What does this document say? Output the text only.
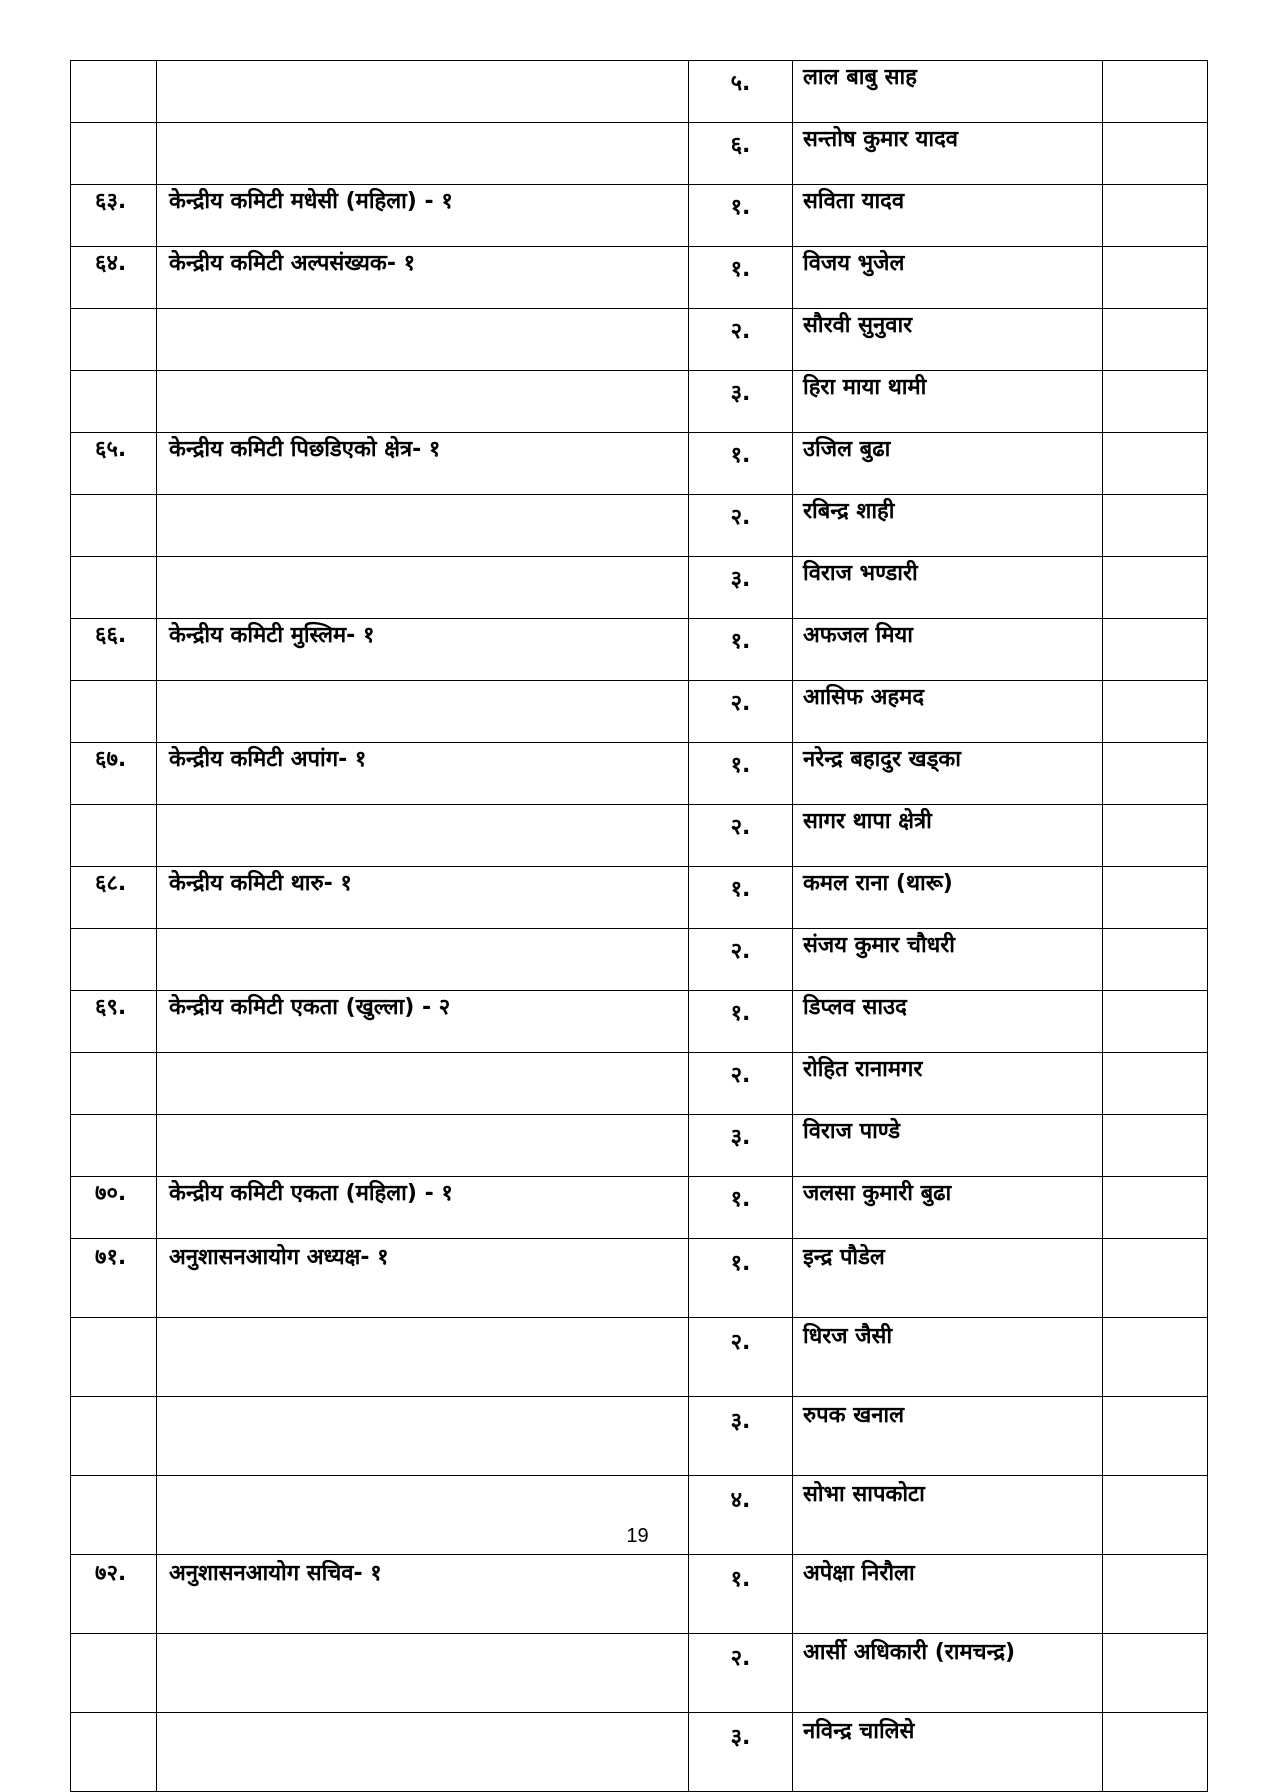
		५.	लाल बाबु साह	
		६.	सन्तोष कुमार यादव	
६३.	केन्द्रीय कमिटी मधेसी (महिला) - १	१.	सविता यादव	
६४.	केन्द्रीय कमिटी अल्पसंख्यक- १	१.	विजय भुजेल	
		२.	सौरवी सुनुवार	
		३.	हिरा माया थामी	
६५.	केन्द्रीय कमिटी पिछडिएको क्षेत्र- १	१.	उजिल बुढा	
		२.	रबिन्द्र शाही	
		३.	विराज भण्डारी	
६६.	केन्द्रीय कमिटी मुस्लिम- १	१.	अफजल मिया	
		२.	आसिफ अहमद	
६७.	केन्द्रीय कमिटी अपांग- १	१.	नरेन्द्र बहादुर खड्का	
		२.	सागर थापा क्षेत्री	
६८.	केन्द्रीय कमिटी थारु- १	१.	कमल राना (थारू)	
		२.	संजय कुमार चौधरी	
६९.	केन्द्रीय कमिटी एकता (खुल्ला) - २	१.	डिप्लव साउद	
		२.	रोहित रानामगर	
		३.	विराज पाण्डे	
७०.	केन्द्रीय कमिटी एकता (महिला) - १	१.	जलसा कुमारी बुढा	
७१.	अनुशासनआयोग अध्यक्ष- १	१.	इन्द्र पौडेल	
		२.	धिरज जैसी	
		३.	रुपक खनाल	
		४.	सोभा सापकोटा	
७२.	अनुशासनआयोग सचिव- १	१.	अपेक्षा निरौला	
		२.	आर्सी अधिकारी (रामचन्द्र)	
		३.	नविन्द्र चालिसे	
19
